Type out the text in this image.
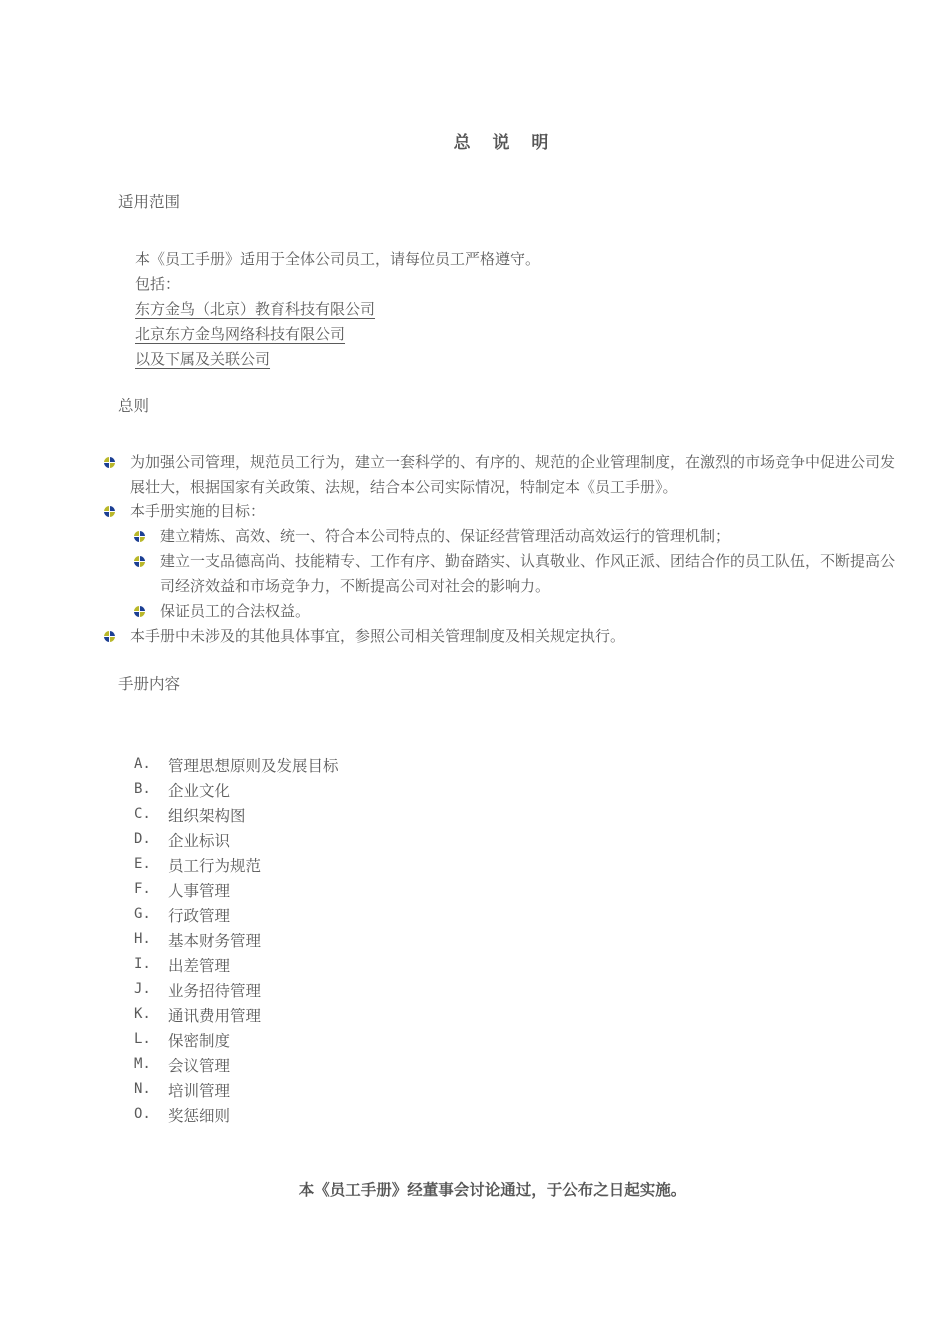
总 说 明
适用范围
本《员工手册》适用于全体公司员工，请每位员工严格遵守。
包括：
东方金鸟（北京）教育科技有限公司
北京东方金鸟网络科技有限公司
以及下属及关联公司
总则
为加强公司管理，规范员工行为，建立一套科学的、有序的、规范的企业管理制度，在激烈的市场竞争中促进公司发展壮大，根据国家有关政策、法规，结合本公司实际情况，特制定本《员工手册》。
本手册实施的目标：
建立精炼、高效、统一、符合本公司特点的、保证经营管理活动高效运行的管理机制；
建立一支品德高尚、技能精专、工作有序、勤奋踏实、认真敬业、作风正派、团结合作的员工队伍，不断提高公司经济效益和市场竞争力，不断提高公司对社会的影响力。
保证员工的合法权益。
本手册中未涉及的其他具体事宜，参照公司相关管理制度及相关规定执行。
手册内容
A. 管理思想原则及发展目标
B. 企业文化
C. 组织架构图
D. 企业标识
E. 员工行为规范
F. 人事管理
G. 行政管理
H. 基本财务管理
I. 出差管理
J. 业务招待管理
K. 通讯费用管理
L. 保密制度
M. 会议管理
N. 培训管理
O. 奖惩细则
本《员工手册》经董事会讨论通过，于公布之日起实施。
